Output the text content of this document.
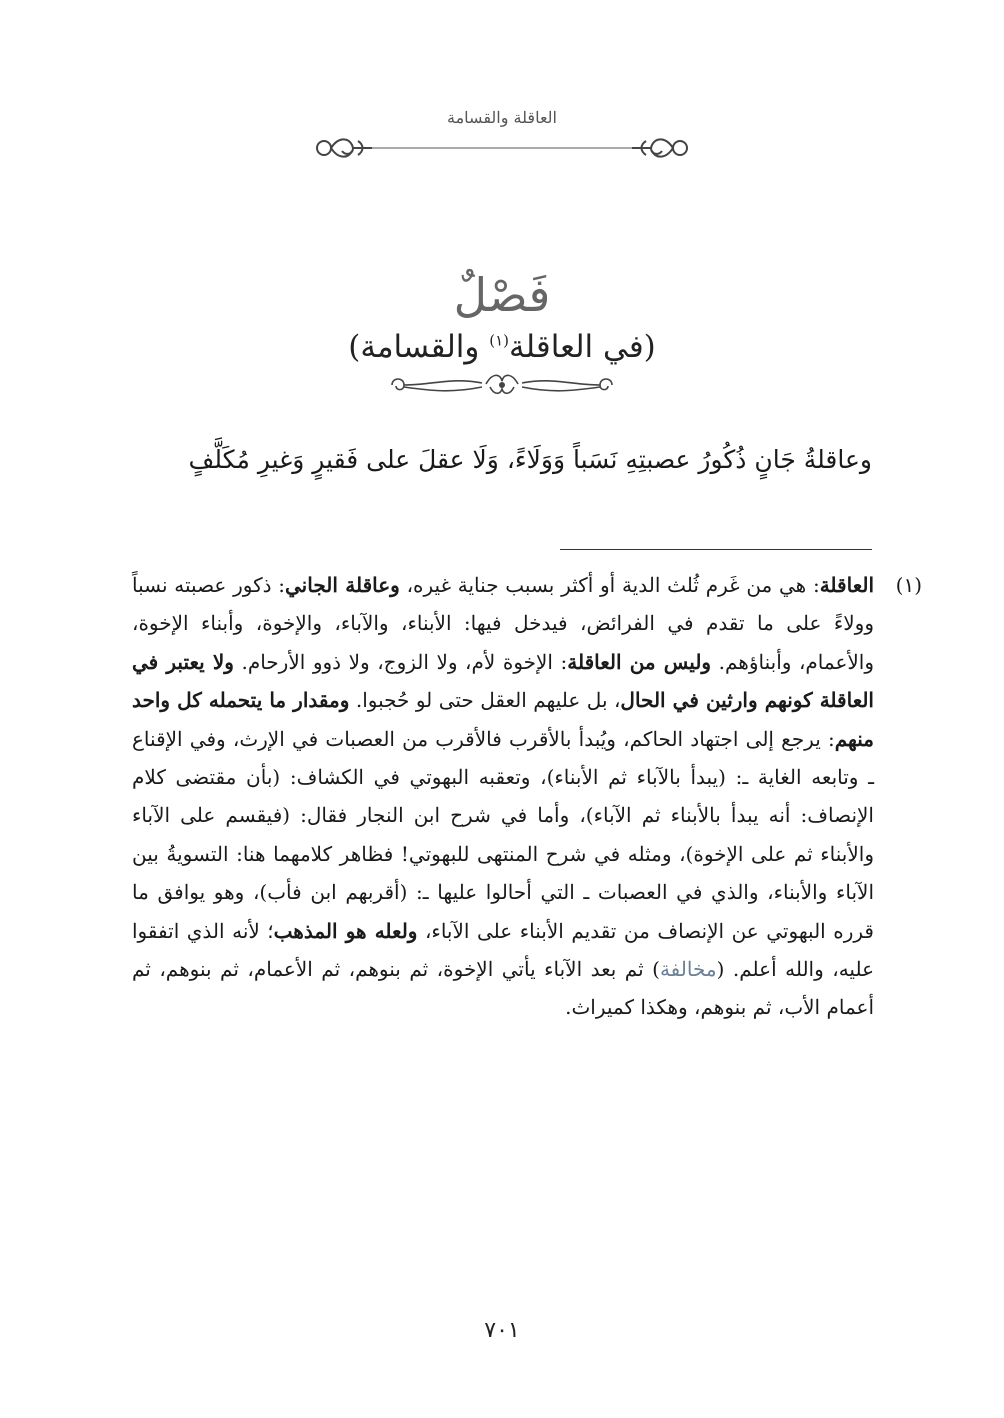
العاقلة والقسامة
فَصْلٌ
(في العاقلة$^{(١)}$ والقسامة)
وعاقلةُ جَانٍ ذُكُورُ عصبتِهِ نَسَباً وَوَلَاءً، وَلَا عقلَ على فَقيرٍ وَغيرِ مُكَلَّفٍ
(١)
العاقلة: هي من غَرم ثُلث الدية أو أكثر بسبب جناية غيره، وعاقلة الجاني: ذكور عصبته نسباً وولاءً على ما تقدم في الفرائض، فيدخل فيها: الأبناء، والآباء، والإخوة، وأبناء الإخوة، والأعمام، وأبناؤهم. وليس من العاقلة: الإخوة لأم، ولا الزوج، ولا ذوو الأرحام. ولا يعتبر في العاقلة كونهم وارثين في الحال، بل عليهم العقل حتى لو حُجبوا. ومقدار ما يتحمله كل واحد منهم: يرجع إلى اجتهاد الحاكم، ويُبدأ بالأقرب فالأقرب من العصبات في الإرث، وفي الإقناع ـ وتابعه الغاية ـ: (يبدأ بالآباء ثم الأبناء)، وتعقبه البهوتي في الكشاف: (بأن مقتضى كلام الإنصاف: أنه يبدأ بالأبناء ثم الآباء)، وأما في شرح ابن النجار فقال: (فيقسم على الآباء والأبناء ثم على الإخوة)، ومثله في شرح المنتهى للبهوتي! فظاهر كلامهما هنا: التسويةُ بين الآباء والأبناء، والذي في العصبات ـ التي أحالوا عليها ـ: (أقربهم ابن فأب)، وهو يوافق ما قرره البهوتي عن الإنصاف من تقديم الأبناء على الآباء، ولعله هو المذهب؛ لأنه الذي اتفقوا عليه، والله أعلم. (مخالفة) ثم بعد الآباء يأتي الإخوة، ثم بنوهم، ثم الأعمام، ثم بنوهم، ثم أعمام الأب، ثم بنوهم، وهكذا كميراث.
٧٠١
